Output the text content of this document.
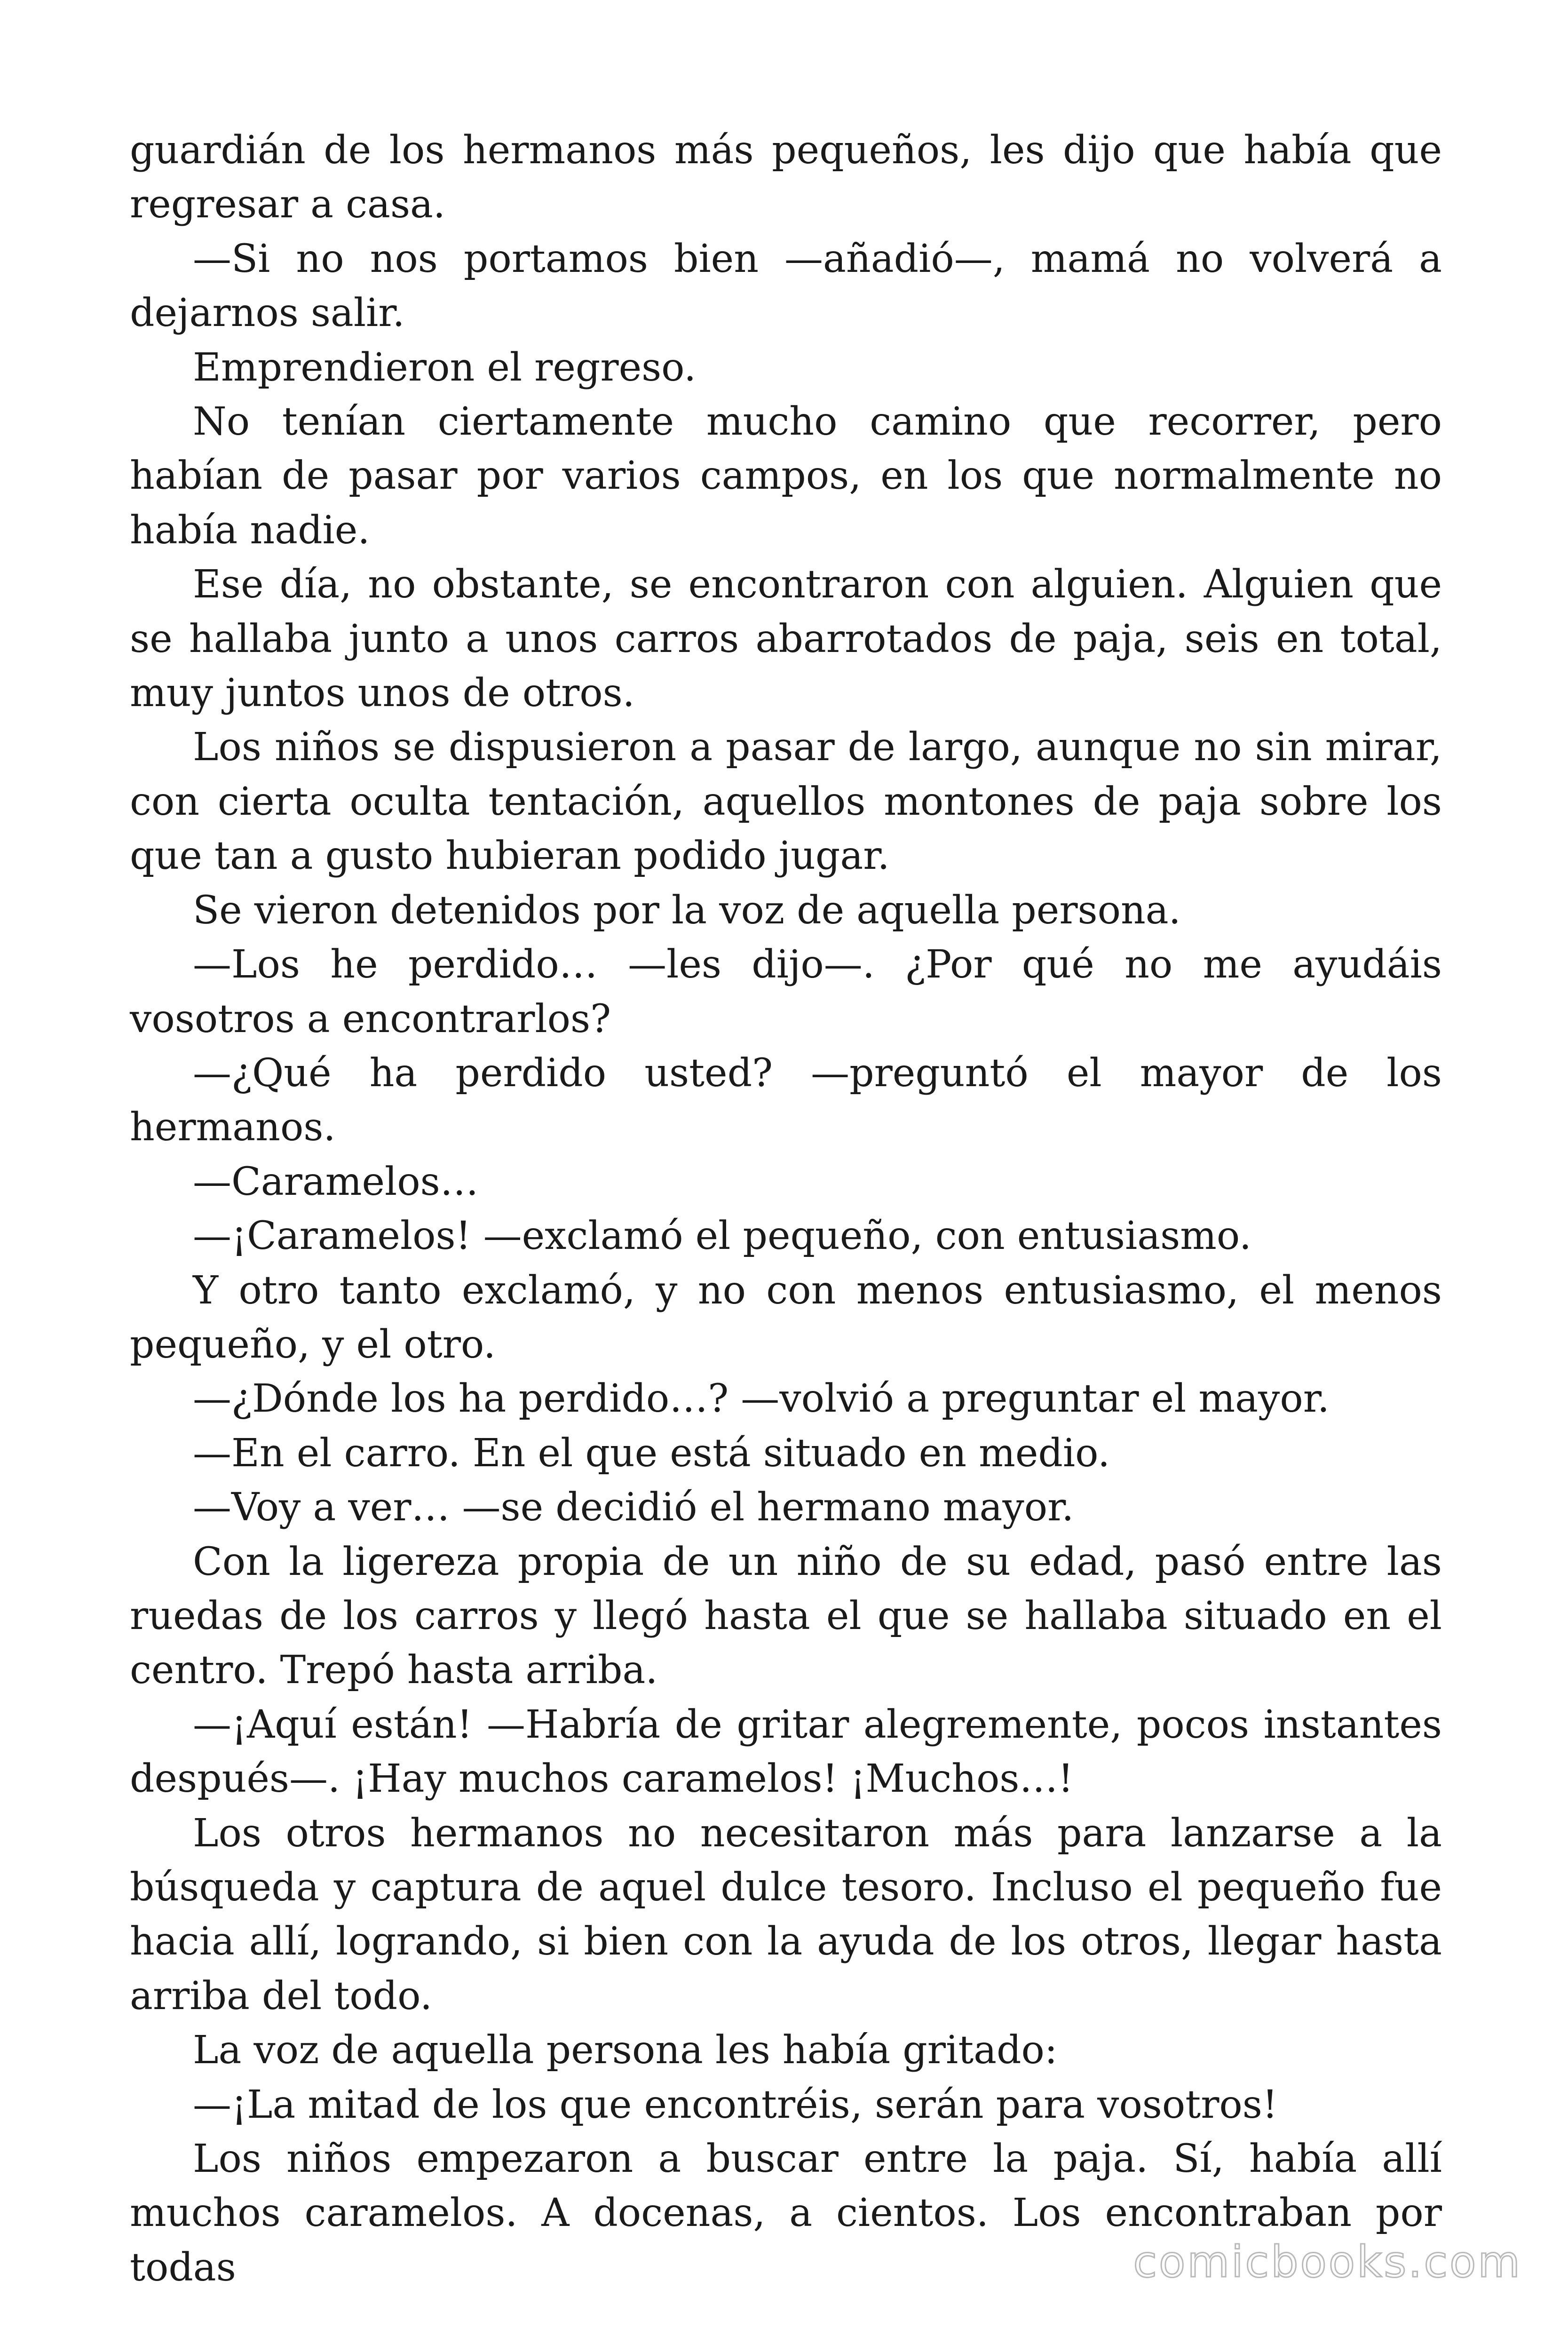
guardián de los hermanos más pequeños, les dijo que había que regresar a casa.

—Si no nos portamos bien —añadió—, mamá no volverá a dejarnos salir.

Emprendieron el regreso.

No tenían ciertamente mucho camino que recorrer, pero habían de pasar por varios campos, en los que normalmente no había nadie.

Ese día, no obstante, se encontraron con alguien. Alguien que se hallaba junto a unos carros abarrotados de paja, seis en total, muy juntos unos de otros.

Los niños se dispusieron a pasar de largo, aunque no sin mirar, con cierta oculta tentación, aquellos montones de paja sobre los que tan a gusto hubieran podido jugar.

Se vieron detenidos por la voz de aquella persona.

—Los he perdido… —les dijo—. ¿Por qué no me ayudáis vosotros a encontrarlos?

—¿Qué ha perdido usted? —preguntó el mayor de los hermanos.

—Caramelos…

—¡Caramelos! —exclamó el pequeño, con entusiasmo.

Y otro tanto exclamó, y no con menos entusiasmo, el menos pequeño, y el otro.

—¿Dónde los ha perdido…? —volvió a preguntar el mayor.

—En el carro. En el que está situado en medio.

—Voy a ver… —se decidió el hermano mayor.

Con la ligereza propia de un niño de su edad, pasó entre las ruedas de los carros y llegó hasta el que se hallaba situado en el centro. Trepó hasta arriba.

—¡Aquí están! —Habría de gritar alegremente, pocos instantes después—. ¡Hay muchos caramelos! ¡Muchos…!

Los otros hermanos no necesitaron más para lanzarse a la búsqueda y captura de aquel dulce tesoro. Incluso el pequeño fue hacia allí, logrando, si bien con la ayuda de los otros, llegar hasta arriba del todo.

La voz de aquella persona les había gritado:

—¡La mitad de los que encontréis, serán para vosotros!

Los niños empezaron a buscar entre la paja. Sí, había allí muchos caramelos. A docenas, a cientos. Los encontraban por todas	comicbooks.com
